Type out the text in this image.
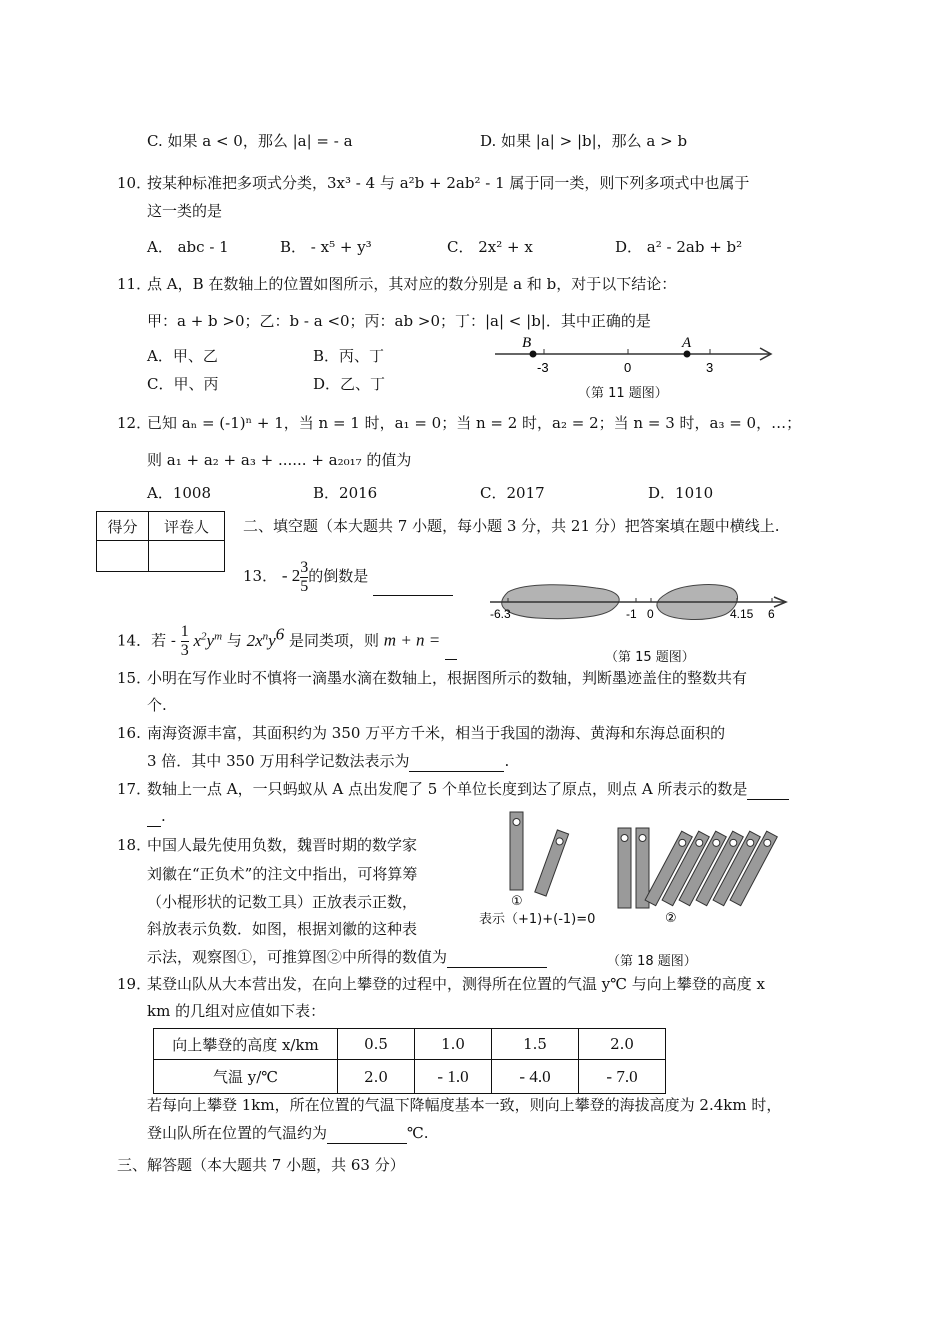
C. 如果 a < 0，那么 |a| = - a	D. 如果 |a| > |b|，那么 a > b
10．
按某种标准把多项式分类，3x³ - 4 与 a²b + 2ab² - 1 属于同一类，则下列多项式中也属于
这一类的是
A． abc - 1	B． - x⁵ + y³	C． 2x² + x	D． a² - 2ab + b²
11．
点 A，B 在数轴上的位置如图所示，其对应的数分别是 a 和 b，对于以下结论：
甲：a + b >0；乙：b - a <0；丙：ab >0；丁：|a| < |b|．其中正确的是
A．甲、乙	B．丙、丁
C．甲、丙	D．乙、丁
B	A
-3	0	3
（第 11 题图）
12．
已知 aₙ = (-1)ⁿ + 1，当 n = 1 时，a₁ = 0；当 n = 2 时，a₂ = 2；当 n = 3 时，a₃ = 0，…；
则 a₁ + a₂ + a₃ + ...... + a₂₀₁₇ 的值为
A．1008	B．2016	C．2017	D．1010
得分	评卷人
	二、填空题（本大题共 7 小题，每小题 3 分，共 21 分）把答案填在题中横线上.
13． - $2 \frac{3}{5}$ 的倒数是
-6.3	-1 0	4.15 6
（第 15 题图）
14．若 - $\frac{1}{3} x^2y^m$ 与 $2x^ny^6$ 是同类项，则 m + n =
15．
小明在写作业时不慎将一滴墨水滴在数轴上，根据图所示的数轴，判断墨迹盖住的整数共有
个.
16. 南海资源丰富，其面积约为 350 万平方千米，相当于我国的渤海、黄海和东海总面积的
3 倍．其中 350 万用科学记数法表示为	.
17．
数轴上一点 A，一只蚂蚁从 A 点出发爬了 5 个单位长度到达了原点，则点 A 所表示的数是
.
18．
中国人最先使用负数，魏晋时期的数学家
刘徽在“正负术”的注文中指出，可将算筹
（小棍形状的记数工具）正放表示正数，
斜放表示负数．如图，根据刘徽的这种表
示法，观察图①，可推算图②中所得的数值为
①
表示（+1)+(-1)=0	②
（第 18 题图）
19．
某登山队从大本营出发，在向上攀登的过程中，测得所在位置的气温 y℃ 与向上攀登的高度 x
km 的几组对应值如下表：
向上攀登的高度 x/km	0.5	1.0	1.5	2.0
气温 y/℃	2.0	- 1.0	- 4.0	- 7.0
若每向上攀登 1km，所在位置的气温下降幅度基本一致，则向上攀登的海拔高度为 2.4km 时，
登山队所在位置的气温约为	℃.
三、解答题（本大题共 7 小题，共 63 分）
